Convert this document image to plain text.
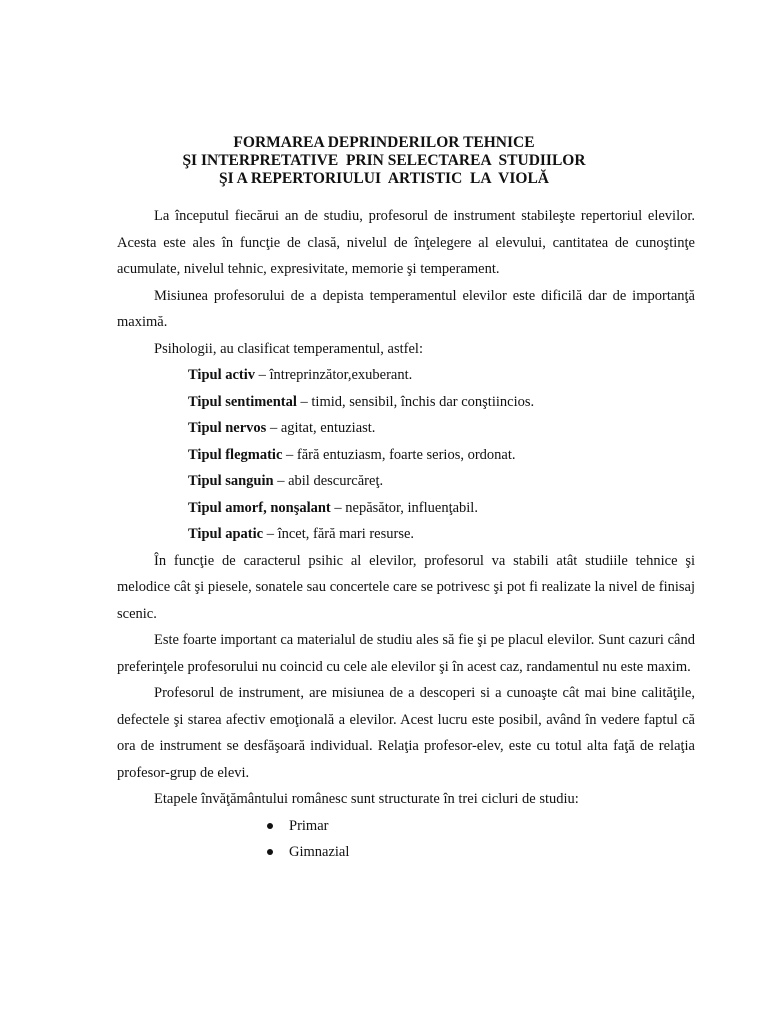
FORMAREA DEPRINDERILOR TEHNICE
ŞI INTERPRETATIVE  PRIN SELECTAREA  STUDIILOR
ŞI A REPERTORIULUI  ARTISTIC  LA  VIOLĂ

La începutul fiecărui an de studiu, profesorul de instrument stabileşte repertoriul elevilor. Acesta este ales în funcţie de clasă, nivelul de înţelegere al elevului, cantitatea de cunoştinţe acumulate, nivelul tehnic, expresivitate, memorie şi temperament.

Misiunea profesorului de a depista temperamentul elevilor este dificilă dar de importanţă maximă.

Psihologii, au clasificat temperamentul, astfel:

Tipul activ – întreprinzător,exuberant.
Tipul sentimental – timid, sensibil, închis dar conştiincios.
Tipul nervos – agitat, entuziast.
Tipul flegmatic – fără entuziasm, foarte serios, ordonat.
Tipul sanguin – abil descurcăreţ.
Tipul amorf, nonşalant – nepăsător, influenţabil.
Tipul apatic – încet, fără mari resurse.

În funcţie de caracterul psihic al elevilor, profesorul va stabili atât studiile tehnice şi melodice cât şi piesele, sonatele sau concertele care se potrivesc şi pot fi realizate la nivel de finisaj scenic.

Este foarte important ca materialul de studiu ales să fie şi pe placul elevilor. Sunt cazuri când preferinţele profesorului nu coincid cu cele ale elevilor şi în acest caz, randamentul nu este maxim.

Profesorul de instrument, are misiunea de a descoperi si a cunoaşte cât mai bine calităţile, defectele şi starea afectiv emoţională a elevilor. Acest lucru este posibil, având în vedere faptul că ora de instrument se desfăşoară individual. Relaţia profesor-elev, este cu totul alta faţă de relaţia profesor-grup de elevi.

Etapele învăţământului românesc sunt structurate în trei cicluri de studiu:

Primar
Gimnazial
